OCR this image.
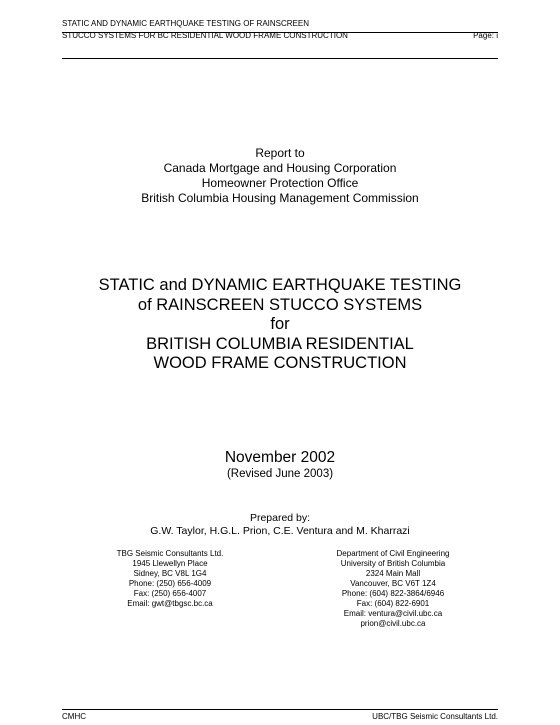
STATIC AND DYNAMIC EARTHQUAKE TESTING OF RAINSCREEN
STUCCO SYSTEMS FOR BC RESIDENTIAL WOOD FRAME CONSTRUCTION	Page: i
Report to
Canada Mortgage and Housing Corporation
Homeowner Protection Office
British Columbia Housing Management Commission
STATIC and DYNAMIC EARTHQUAKE TESTING
of RAINSCREEN STUCCO SYSTEMS
for
BRITISH COLUMBIA RESIDENTIAL
WOOD FRAME CONSTRUCTION
November 2002
(Revised June 2003)
Prepared by:
G.W. Taylor, H.G.L. Prion, C.E. Ventura and M. Kharrazi
TBG Seismic Consultants Ltd.
1945 Llewellyn Place
Sidney, BC V8L 1G4
Phone: (250) 656-4009
Fax: (250) 656-4007
Email: gwt@tbgsc.bc.ca
Department of Civil Engineering
University of British Columbia
2324 Main Mall
Vancouver, BC V6T 1Z4
Phone: (604) 822-3864/6946
Fax: (604) 822-6901
Email: ventura@civil.ubc.ca
prion@civil.ubc.ca
CMHC	UBC/TBG Seismic Consultants Ltd.
